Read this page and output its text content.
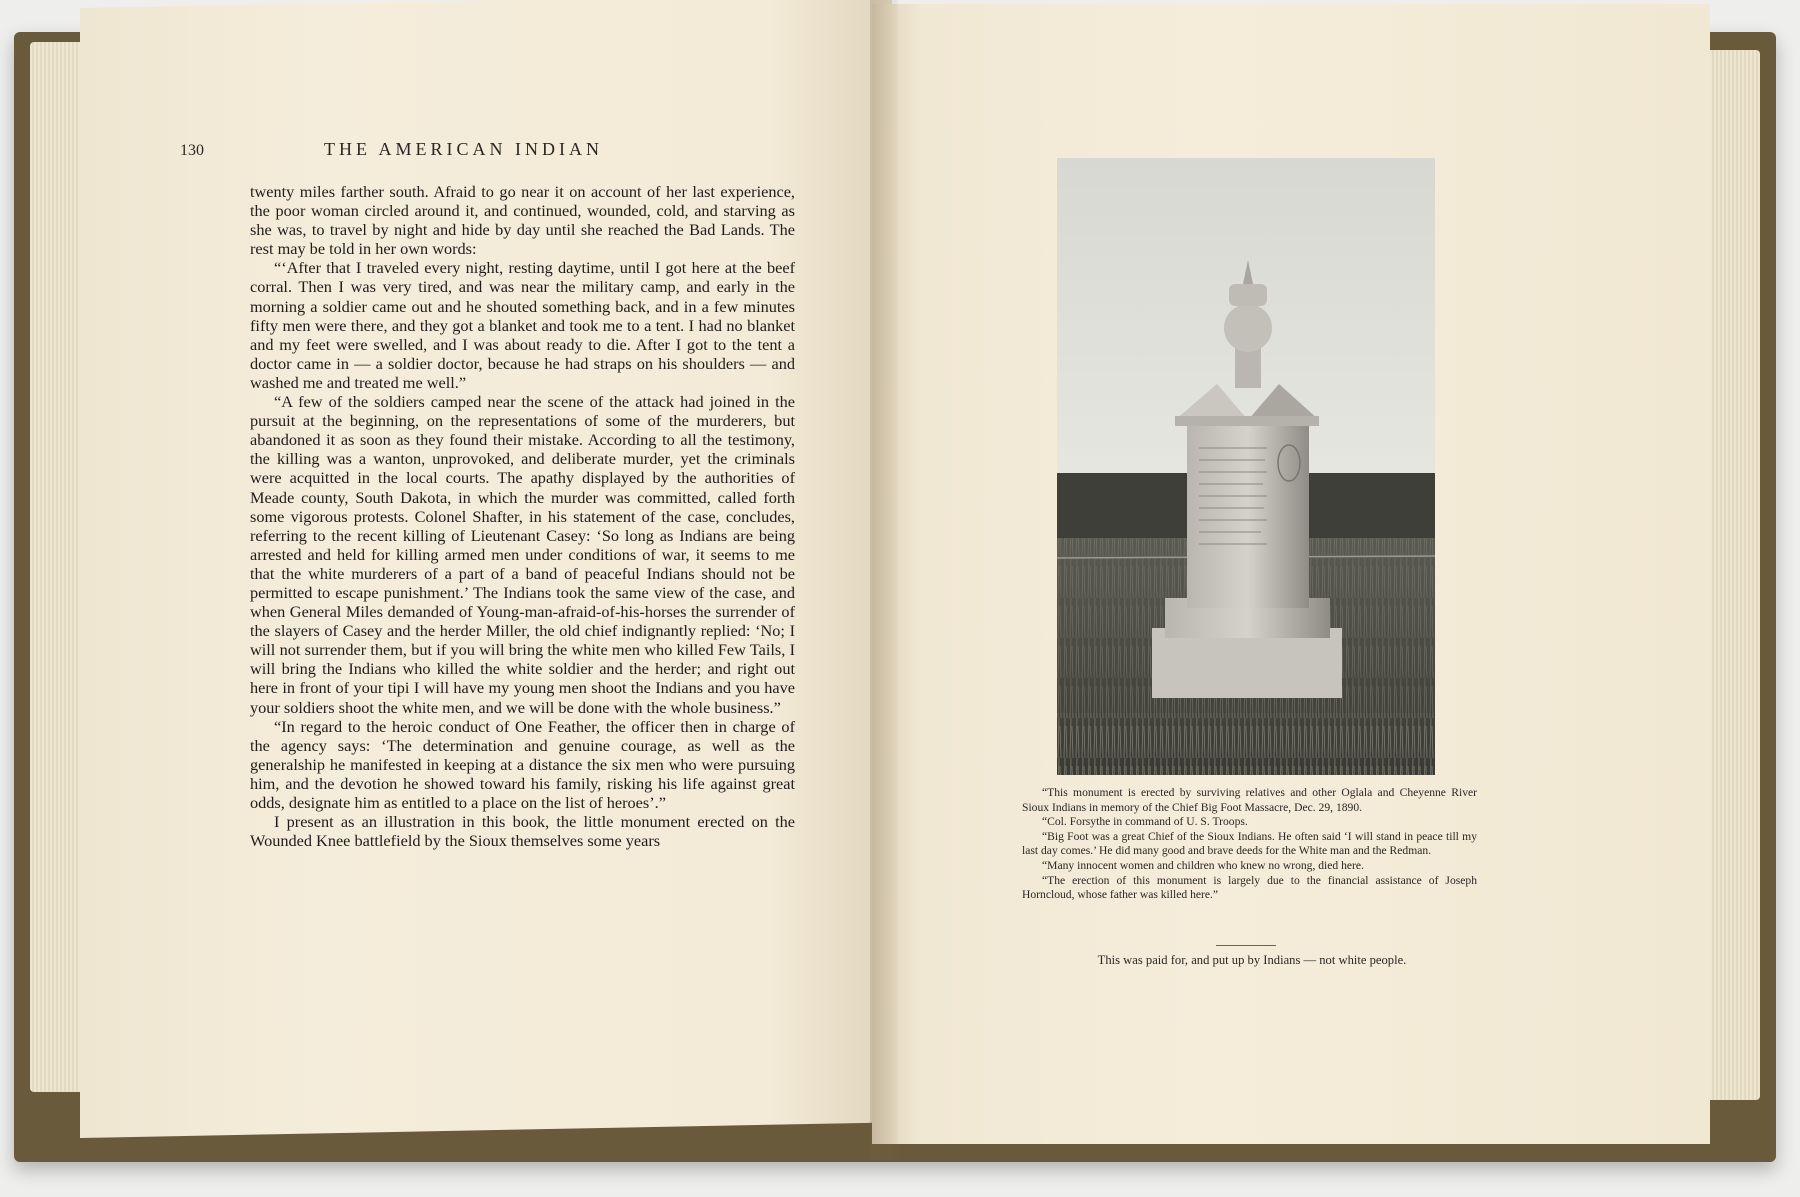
130	THE AMERICAN INDIAN

twenty miles farther south. Afraid to go near it on account of her last experience, the poor woman circled around it, and continued, wounded, cold, and starving as she was, to travel by night and hide by day until she reached the Bad Lands. The rest may be told in her own words:

“‘After that I traveled every night, resting daytime, until I got here at the beef corral. Then I was very tired, and was near the military camp, and early in the morning a soldier came out and he shouted something back, and in a few minutes fifty men were there, and they got a blanket and took me to a tent. I had no blanket and my feet were swelled, and I was about ready to die. After I got to the tent a doctor came in — a soldier doctor, because he had straps on his shoulders — and washed me and treated me well.”

“A few of the soldiers camped near the scene of the attack had joined in the pursuit at the beginning, on the representations of some of the murderers, but abandoned it as soon as they found their mistake. According to all the testimony, the killing was a wanton, unprovoked, and deliberate murder, yet the criminals were acquitted in the local courts. The apathy displayed by the authorities of Meade county, South Dakota, in which the murder was committed, called forth some vigorous protests. Colonel Shafter, in his statement of the case, concludes, referring to the recent killing of Lieutenant Casey: ‘So long as Indians are being arrested and held for killing armed men under conditions of war, it seems to me that the white murderers of a part of a band of peaceful Indians should not be permitted to escape punishment.’ The Indians took the same view of the case, and when General Miles demanded of Young-man-afraid-of-his-horses the surrender of the slayers of Casey and the herder Miller, the old chief indignantly replied: ‘No; I will not surrender them, but if you will bring the white men who killed Few Tails, I will bring the Indians who killed the white soldier and the herder; and right out here in front of your tipi I will have my young men shoot the Indians and you have your soldiers shoot the white men, and we will be done with the whole business.”

“In regard to the heroic conduct of One Feather, the officer then in charge of the agency says: ‘The determination and genuine courage, as well as the generalship he manifested in keeping at a distance the six men who were pursuing him, and the devotion he showed toward his family, risking his life against great odds, designate him as entitled to a place on the list of heroes’.”

I present as an illustration in this book, the little monument erected on the Wounded Knee battlefield by the Sioux themselves some years

“This monument is erected by surviving relatives and other Oglala and Cheyenne River Sioux Indians in memory of the Chief Big Foot Massacre, Dec. 29, 1890.

“Col. Forsythe in command of U. S. Troops.

“Big Foot was a great Chief of the Sioux Indians. He often said ‘I will stand in peace till my last day comes.’ He did many good and brave deeds for the White man and the Redman.

“Many innocent women and children who knew no wrong, died here.

“The erection of this monument is largely due to the financial assistance of Joseph Horncloud, whose father was killed here.”

This was paid for, and put up by Indians — not white people.
